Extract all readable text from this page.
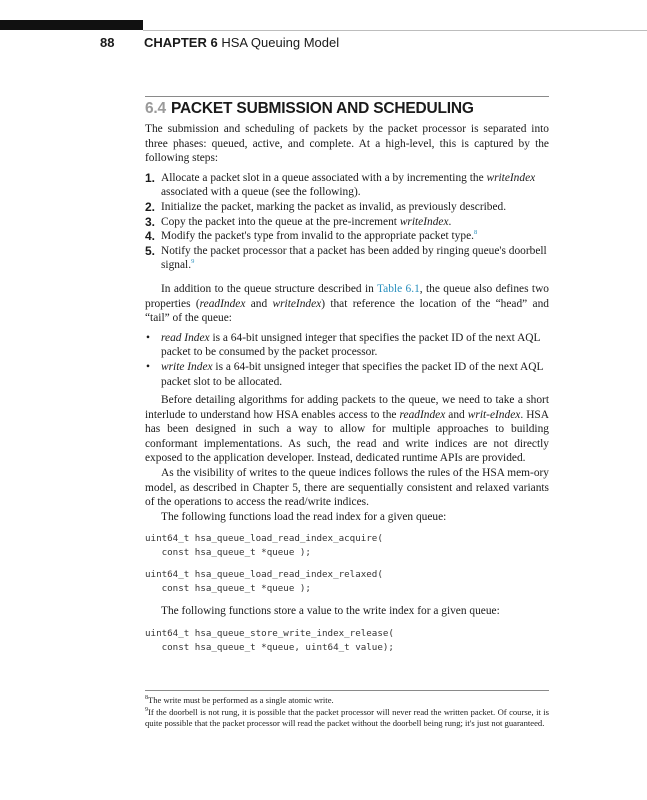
88 CHAPTER 6 HSA Queuing Model
6.4 PACKET SUBMISSION AND SCHEDULING

The submission and scheduling of packets by the packet processor is separated into three phases: queued, active, and complete. At a high-level, this is captured by the following steps:

1. Allocate a packet slot in a queue associated with a by incrementing the writeIndex associated with a queue (see the following).
2. Initialize the packet, marking the packet as invalid, as previously described.
3. Copy the packet into the queue at the pre-increment writeIndex.
4. Modify the packet's type from invalid to the appropriate packet type.$^8$
5. Notify the packet processor that a packet has been added by ringing queue's doorbell signal.$^9$

In addition to the queue structure described in Table 6.1, the queue also defines two properties (readIndex and writeIndex) that reference the location of the “head” and “tail” of the queue:

• read Index is a 64-bit unsigned integer that specifies the packet ID of the next AQL packet to be consumed by the packet processor.
• write Index is a 64-bit unsigned integer that specifies the packet ID of the next AQL packet slot to be allocated.

Before detailing algorithms for adding packets to the queue, we need to take a short interlude to understand how HSA enables access to the readIndex and writ-eIndex. HSA has been designed in such a way to allow for multiple approaches to building conformant implementations. As such, the read and write indices are not directly exposed to the application developer. Instead, dedicated runtime APIs are provided.

As the visibility of writes to the queue indices follows the rules of the HSA mem-ory model, as described in Chapter 5, there are sequentially consistent and relaxed variants of the operations to access the read/write indices.

The following functions load the read index for a given queue:

uint64_t hsa_queue_load_read_index_acquire(
const hsa_queue_t *queue );
uint64_t hsa_queue_load_read_index_relaxed(
const hsa_queue_t *queue );

The following functions store a value to the write index for a given queue:

uint64_t hsa_queue_store_write_index_release(
const hsa_queue_t *queue, uint64_t value);

$^8$The write must be performed as a single atomic write.

$^9$If the doorbell is not rung, it is possible that the packet processor will never read the written packet. Of course, it is quite possible that the packet processor will read the packet without the doorbell being rung; it's just not guaranteed.
